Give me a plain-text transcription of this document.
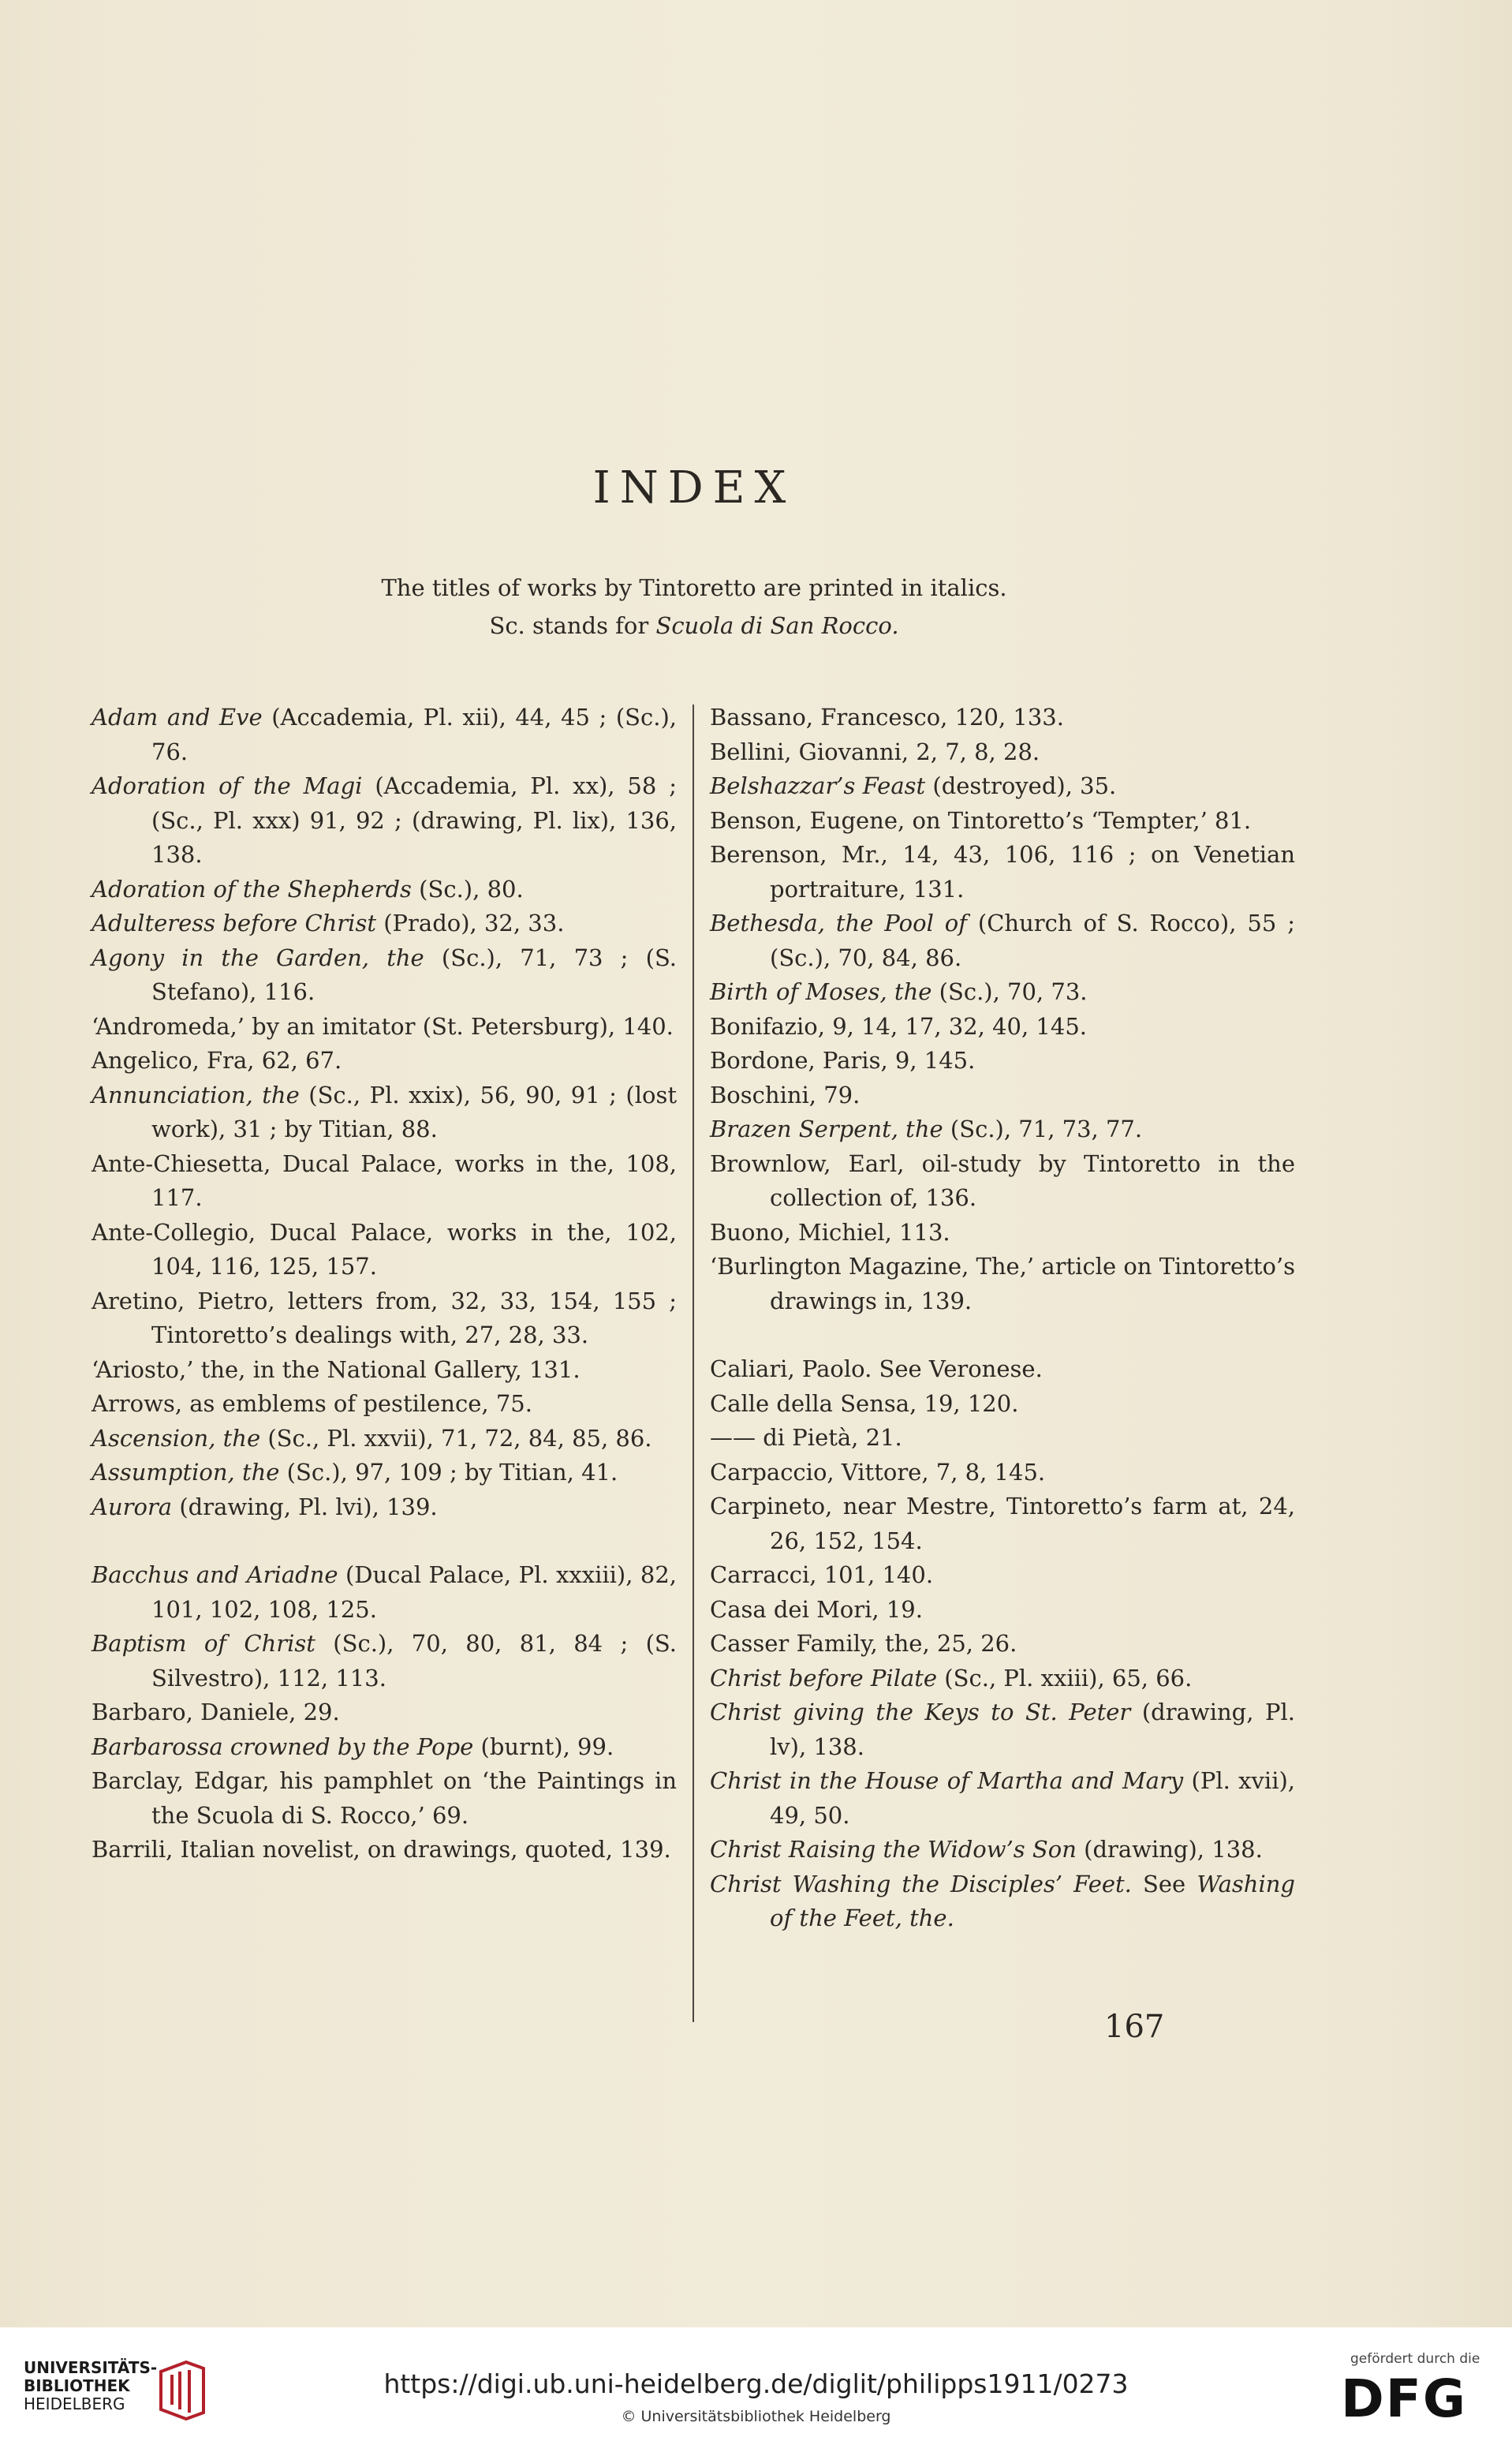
INDEX
The titles of works by Tintoretto are printed in italics.
Sc. stands for Scuola di San Rocco.
Adam and Eve (Accademia, Pl. xii), 44, 45 ; (Sc.), 76.
Adoration of the Magi (Accademia, Pl. xx), 58 ; (Sc., Pl. xxx) 91, 92 ; (drawing, Pl. lix), 136, 138.
Adoration of the Shepherds (Sc.), 80.
Adulteress before Christ (Prado), 32, 33.
Agony in the Garden, the (Sc.), 71, 73 ; (S. Stefano), 116.
‘Andromeda,’ by an imitator (St. Petersburg), 140.
Angelico, Fra, 62, 67.
Annunciation, the (Sc., Pl. xxix), 56, 90, 91 ; (lost work), 31 ; by Titian, 88.
Ante-Chiesetta, Ducal Palace, works in the, 108, 117.
Ante-Collegio, Ducal Palace, works in the, 102, 104, 116, 125, 157.
Aretino, Pietro, letters from, 32, 33, 154, 155 ; Tintoretto’s dealings with, 27, 28, 33.
‘Ariosto,’ the, in the National Gallery, 131.
Arrows, as emblems of pestilence, 75.
Ascension, the (Sc., Pl. xxvii), 71, 72, 84, 85, 86.
Assumption, the (Sc.), 97, 109 ; by Titian, 41.
Aurora (drawing, Pl. lvi), 139.
Bacchus and Ariadne (Ducal Palace, Pl. xxxiii), 82, 101, 102, 108, 125.
Baptism of Christ (Sc.), 70, 80, 81, 84 ; (S. Silvestro), 112, 113.
Barbaro, Daniele, 29.
Barbarossa crowned by the Pope (burnt), 99.
Barclay, Edgar, his pamphlet on ‘the Paintings in the Scuola di S. Rocco,’ 69.
Barrili, Italian novelist, on drawings, quoted, 139.
Bassano, Francesco, 120, 133.
Bellini, Giovanni, 2, 7, 8, 28.
Belshazzar’s Feast (destroyed), 35.
Benson, Eugene, on Tintoretto’s ‘Tempter,’ 81.
Berenson, Mr., 14, 43, 106, 116 ; on Venetian portraiture, 131.
Bethesda, the Pool of (Church of S. Rocco), 55 ; (Sc.), 70, 84, 86.
Birth of Moses, the (Sc.), 70, 73.
Bonifazio, 9, 14, 17, 32, 40, 145.
Bordone, Paris, 9, 145.
Boschini, 79.
Brazen Serpent, the (Sc.), 71, 73, 77.
Brownlow, Earl, oil-study by Tintoretto in the collection of, 136.
Buono, Michiel, 113.
‘Burlington Magazine, The,’ article on Tintoretto’s drawings in, 139.
Caliari, Paolo. See Veronese.
Calle della Sensa, 19, 120.
—— di Pietà, 21.
Carpaccio, Vittore, 7, 8, 145.
Carpineto, near Mestre, Tintoretto’s farm at, 24, 26, 152, 154.
Carracci, 101, 140.
Casa dei Mori, 19.
Casser Family, the, 25, 26.
Christ before Pilate (Sc., Pl. xxiii), 65, 66.
Christ giving the Keys to St. Peter (drawing, Pl. lv), 138.
Christ in the House of Martha and Mary (Pl. xvii), 49, 50.
Christ Raising the Widow’s Son (drawing), 138.
Christ Washing the Disciples’ Feet. See Washing of the Feet, the.
167
UNIVERSITÄTS-
BIBLIOTHEK
HEIDELBERG
https://digi.ub.uni-heidelberg.de/diglit/philipps1911/0273
© Universitätsbibliothek Heidelberg
gefördert durch die
DFG
